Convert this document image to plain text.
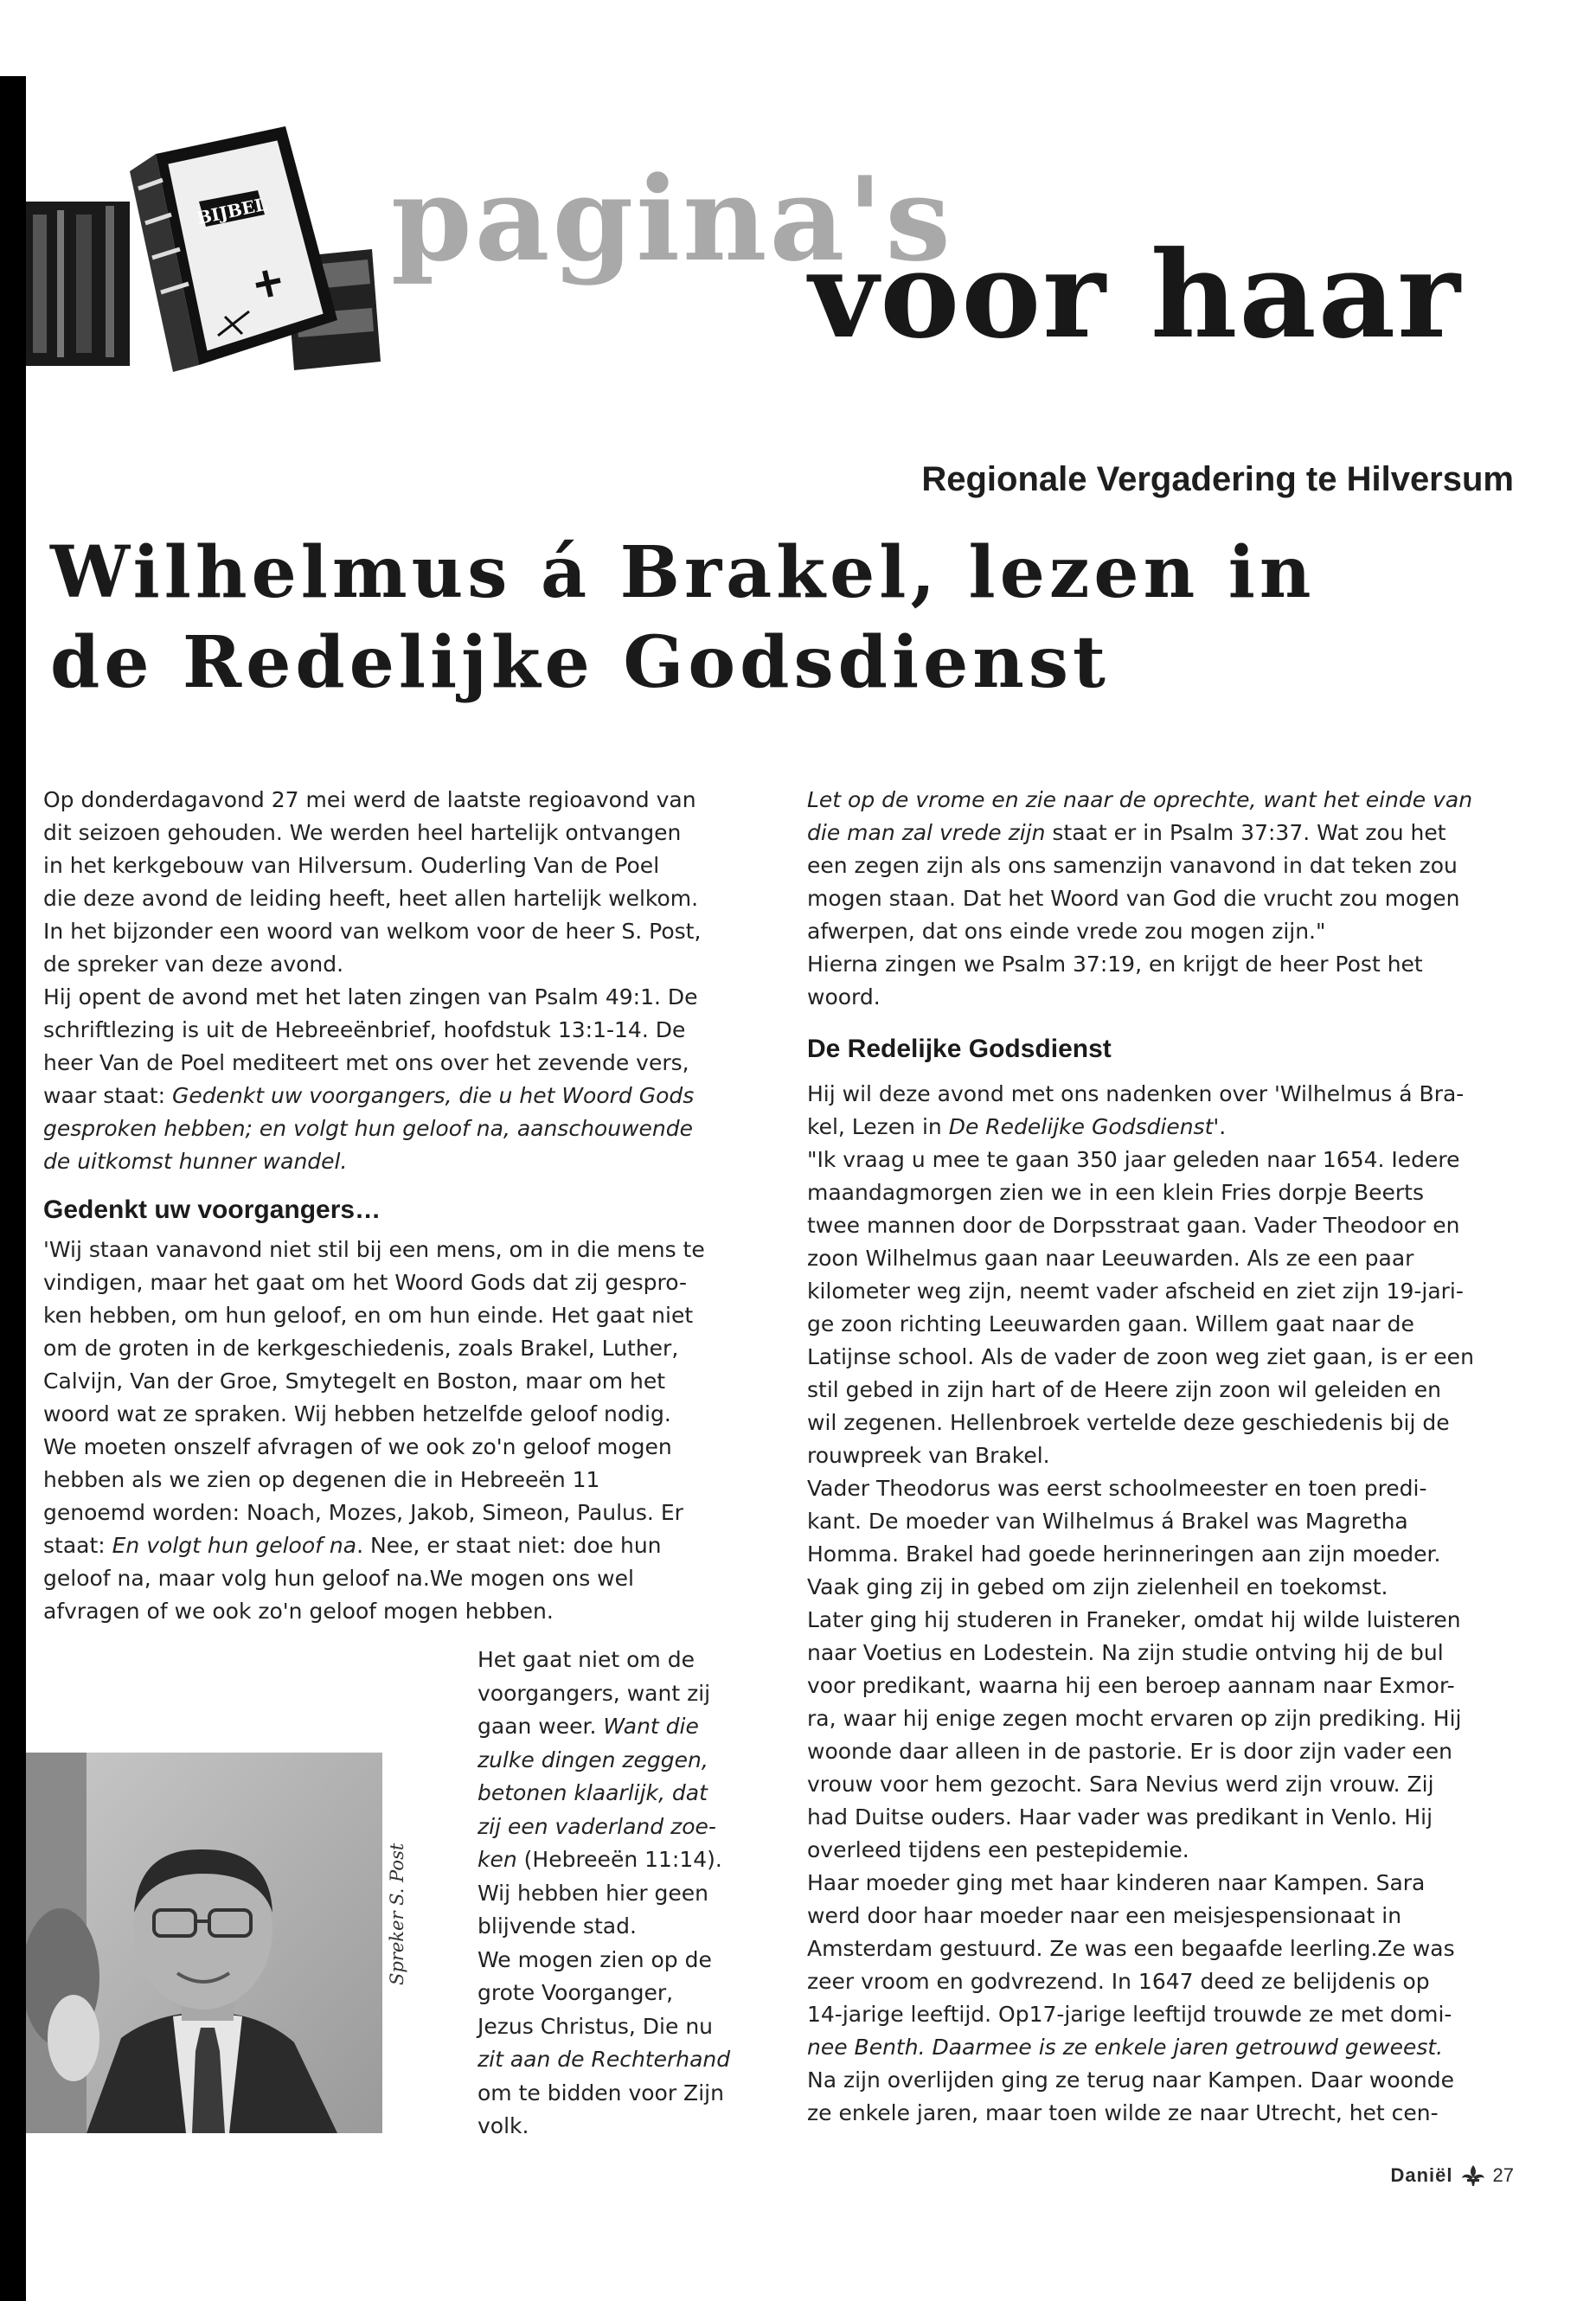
BIJBEL pagina's
voor haar
Regionale Vergadering te Hilversum
Wilhelmus á Brakel, lezen in
de Redelijke Godsdienst

Op donderdagavond 27 mei werd de laatste regioavond van
dit seizoen gehouden. We werden heel hartelijk ontvangen
in het kerkgebouw van Hilversum. Ouderling Van de Poel
die deze avond de leiding heeft, heet allen hartelijk welkom.
In het bijzonder een woord van welkom voor de heer S. Post,
de spreker van deze avond.

Hij opent de avond met het laten zingen van Psalm 49:1. De
schriftlezing is uit de Hebreeënbrief, hoofdstuk 13:1-14. De
heer Van de Poel mediteert met ons over het zevende vers,
waar staat: Gedenkt uw voorgangers, die u het Woord Gods
gesproken hebben; en volgt hun geloof na, aanschouwende
de uitkomst hunner wandel.

Gedenkt uw voorgangers…

'Wij staan vanavond niet stil bij een mens, om in die mens te
vindigen, maar het gaat om het Woord Gods dat zij gespro-
ken hebben, om hun geloof, en om hun einde. Het gaat niet
om de groten in de kerkgeschiedenis, zoals Brakel, Luther,
Calvijn, Van der Groe, Smytegelt en Boston, maar om het
woord wat ze spraken. Wij hebben hetzelfde geloof nodig.
We moeten onszelf afvragen of we ook zo'n geloof mogen
hebben als we zien op degenen die in Hebreeën 11
genoemd worden: Noach, Mozes, Jakob, Simeon, Paulus. Er
staat: En volgt hun geloof na. Nee, er staat niet: doe hun
geloof na, maar volg hun geloof na.We mogen ons wel
afvragen of we ook zo'n geloof mogen hebben.

Het gaat niet om de
voorgangers, want zij
gaan weer. Want die
zulke dingen zeggen,
betonen klaarlijk, dat
zij een vaderland zoe-
ken (Hebreeën 11:14).
Wij hebben hier geen
blijvende stad.
We mogen zien op de
grote Voorganger,
Jezus Christus, Die nu
zit aan de Rechterhand
om te bidden voor Zijn
volk.

Spreker S. Post

Let op de vrome en zie naar de oprechte, want het einde van
die man zal vrede zijn staat er in Psalm 37:37. Wat zou het
een zegen zijn als ons samenzijn vanavond in dat teken zou
mogen staan. Dat het Woord van God die vrucht zou mogen
afwerpen, dat ons einde vrede zou mogen zijn."

Hierna zingen we Psalm 37:19, en krijgt de heer Post het
woord.

De Redelijke Godsdienst

Hij wil deze avond met ons nadenken over 'Wilhelmus á Bra-
kel, Lezen in De Redelijke Godsdienst'.

"Ik vraag u mee te gaan 350 jaar geleden naar 1654. Iedere
maandagmorgen zien we in een klein Fries dorpje Beerts
twee mannen door de Dorpsstraat gaan. Vader Theodoor en
zoon Wilhelmus gaan naar Leeuwarden. Als ze een paar
kilometer weg zijn, neemt vader afscheid en ziet zijn 19-jari-
ge zoon richting Leeuwarden gaan. Willem gaat naar de
Latijnse school. Als de vader de zoon weg ziet gaan, is er een
stil gebed in zijn hart of de Heere zijn zoon wil geleiden en
wil zegenen. Hellenbroek vertelde deze geschiedenis bij de
rouwpreek van Brakel.

Vader Theodorus was eerst schoolmeester en toen predi-
kant. De moeder van Wilhelmus á Brakel was Magretha
Homma. Brakel had goede herinneringen aan zijn moeder.
Vaak ging zij in gebed om zijn zielenheil en toekomst.
Later ging hij studeren in Franeker, omdat hij wilde luisteren
naar Voetius en Lodestein. Na zijn studie ontving hij de bul
voor predikant, waarna hij een beroep aannam naar Exmor-
ra, waar hij enige zegen mocht ervaren op zijn prediking. Hij
woonde daar alleen in de pastorie. Er is door zijn vader een
vrouw voor hem gezocht. Sara Nevius werd zijn vrouw. Zij
had Duitse ouders. Haar vader was predikant in Venlo. Hij
overleed tijdens een pestepidemie.

Haar moeder ging met haar kinderen naar Kampen. Sara
werd door haar moeder naar een meisjespensionaat in
Amsterdam gestuurd. Ze was een begaafde leerling.Ze was
zeer vroom en godvrezend. In 1647 deed ze belijdenis op
14-jarige leeftijd. Op17-jarige leeftijd trouwde ze met domi-
nee Benth. Daarmee is ze enkele jaren getrouwd geweest.
Na zijn overlijden ging ze terug naar Kampen. Daar woonde
ze enkele jaren, maar toen wilde ze naar Utrecht, het cen-

Daniël 27
